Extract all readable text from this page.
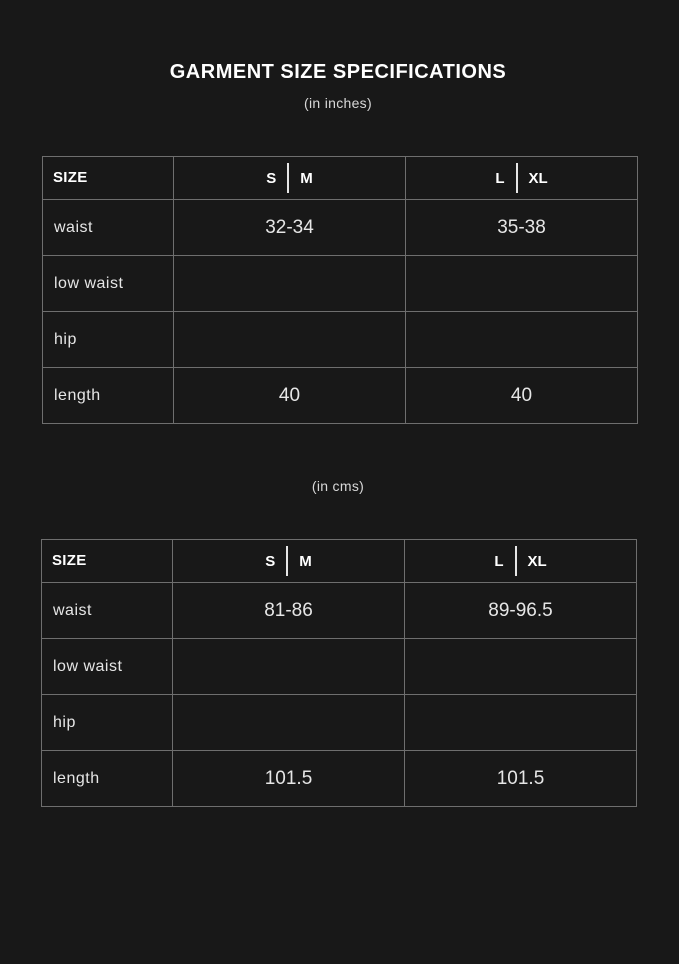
GARMENT SIZE SPECIFICATIONS
(in inches)
SIZE	S M	L XL

waist	32-34	35-38

low waist		

hip		

length	40	40
(in cms)
SIZE	S M	L XL

waist	81-86	89-96.5

low waist		

hip		

length	101.5	101.5
